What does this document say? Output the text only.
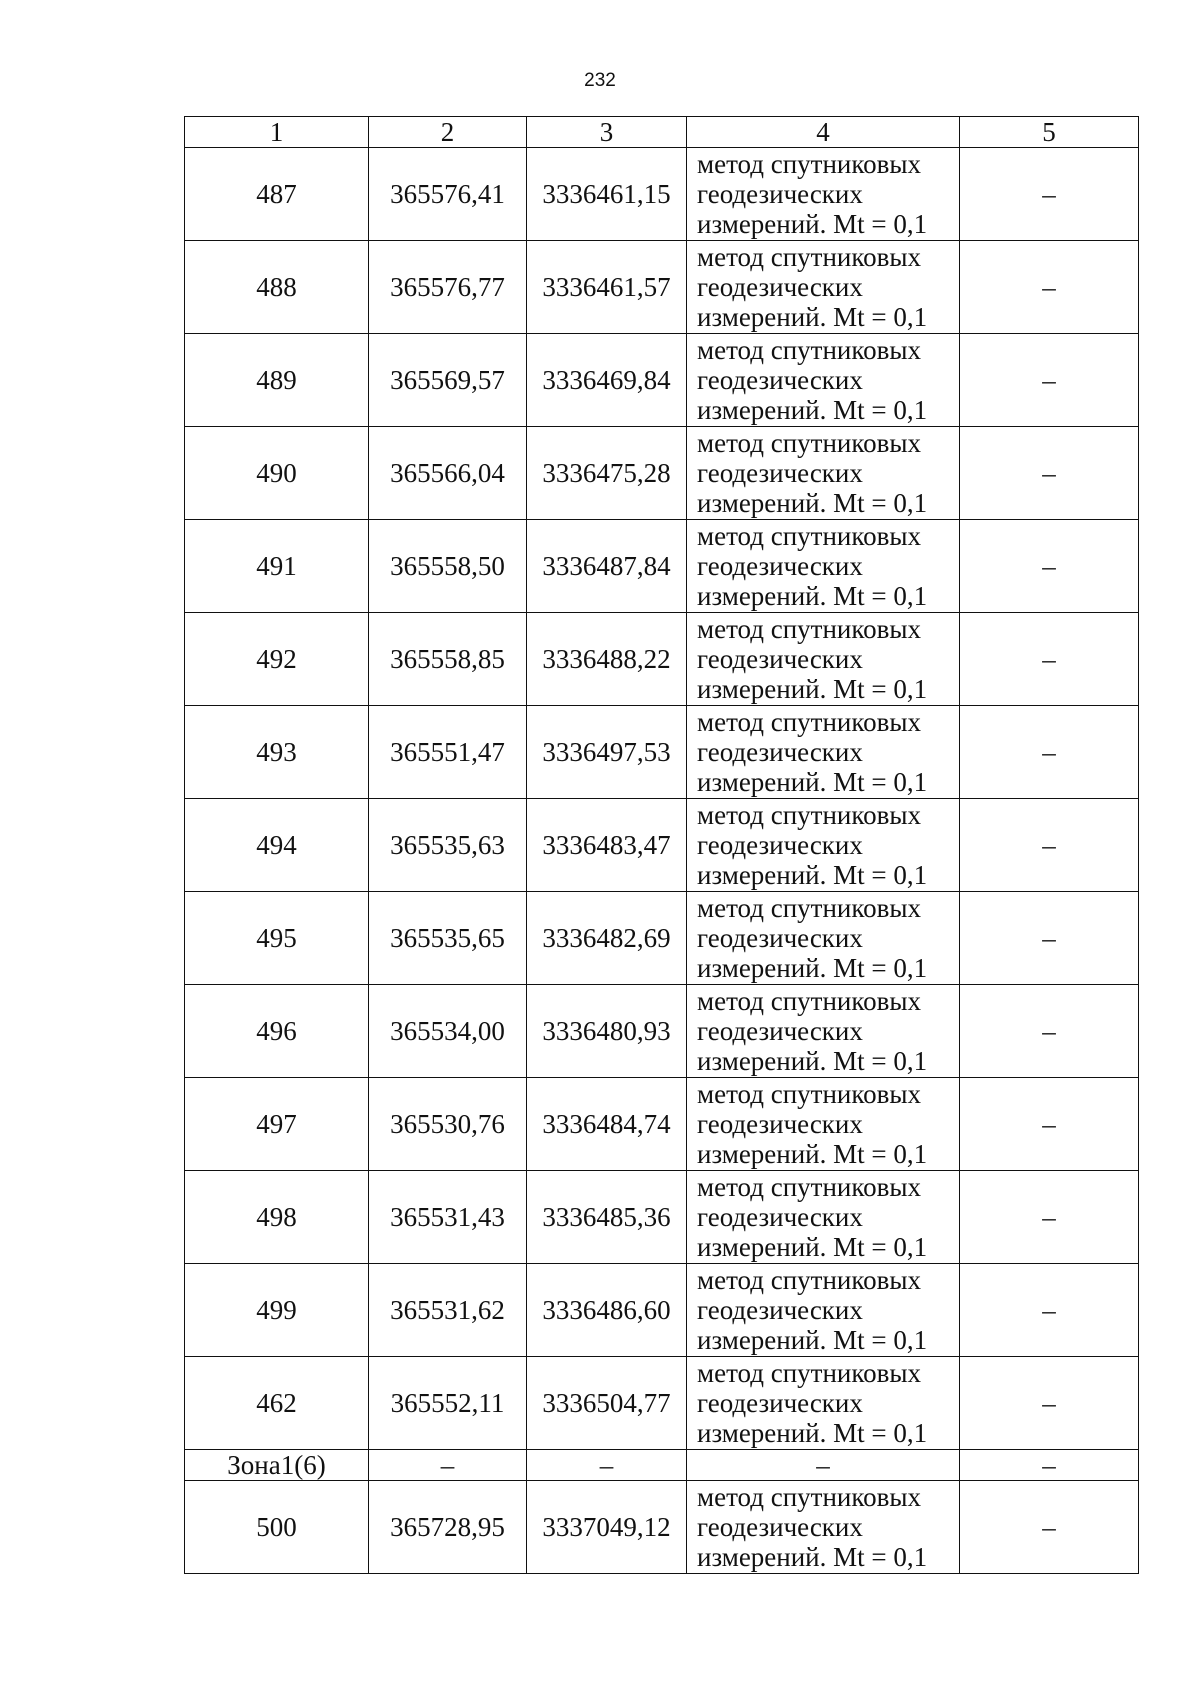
232
1	2	3	4	5
487	365576,41	3336461,15	метод спутниковых
геодезических
измерений. Mt = 0,1	–
488	365576,77	3336461,57	метод спутниковых
геодезических
измерений. Mt = 0,1	–
489	365569,57	3336469,84	метод спутниковых
геодезических
измерений. Mt = 0,1	–
490	365566,04	3336475,28	метод спутниковых
геодезических
измерений. Mt = 0,1	–
491	365558,50	3336487,84	метод спутниковых
геодезических
измерений. Mt = 0,1	–
492	365558,85	3336488,22	метод спутниковых
геодезических
измерений. Mt = 0,1	–
493	365551,47	3336497,53	метод спутниковых
геодезических
измерений. Mt = 0,1	–
494	365535,63	3336483,47	метод спутниковых
геодезических
измерений. Mt = 0,1	–
495	365535,65	3336482,69	метод спутниковых
геодезических
измерений. Mt = 0,1	–
496	365534,00	3336480,93	метод спутниковых
геодезических
измерений. Mt = 0,1	–
497	365530,76	3336484,74	метод спутниковых
геодезических
измерений. Mt = 0,1	–
498	365531,43	3336485,36	метод спутниковых
геодезических
измерений. Mt = 0,1	–
499	365531,62	3336486,60	метод спутниковых
геодезических
измерений. Mt = 0,1	–
462	365552,11	3336504,77	метод спутниковых
геодезических
измерений. Mt = 0,1	–
Зона1(6)	–	–	–	–
500	365728,95	3337049,12	метод спутниковых
геодезических
измерений. Mt = 0,1	–
